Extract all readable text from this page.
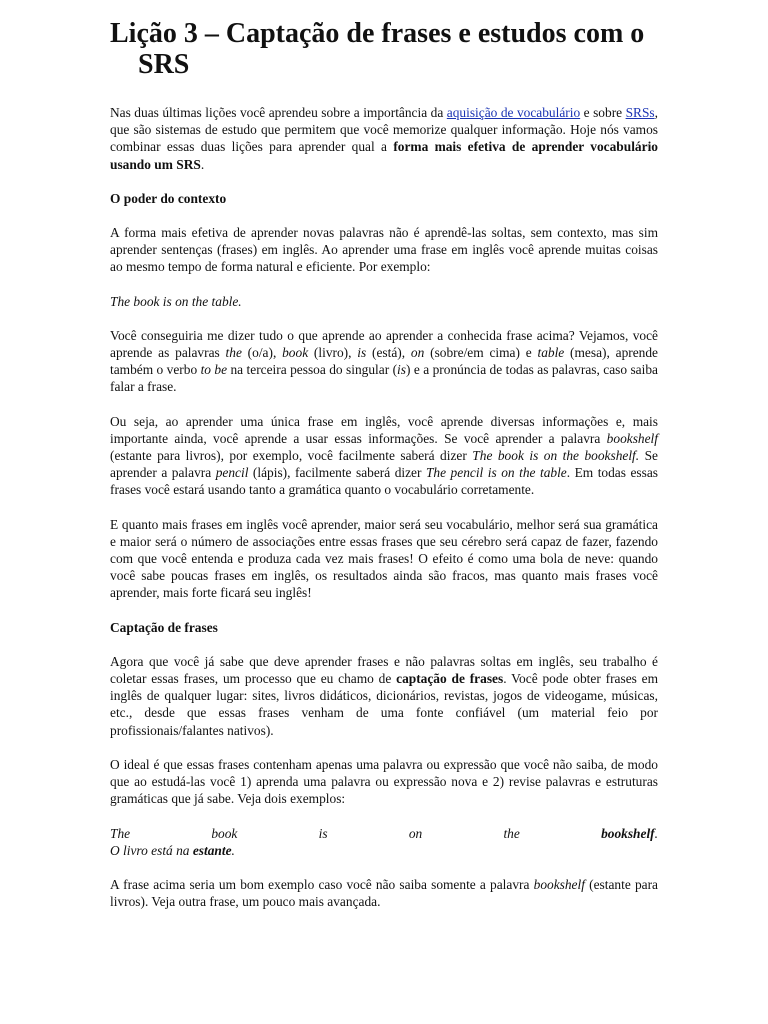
Lição 3 – Captação de frases e estudos com o SRS

Nas duas últimas lições você aprendeu sobre a importância da aquisição de vocabulário e sobre SRSs, que são sistemas de estudo que permitem que você memorize qualquer informação. Hoje nós vamos combinar essas duas lições para aprender qual a forma mais efetiva de aprender vocabulário usando um SRS.

O poder do contexto

A forma mais efetiva de aprender novas palavras não é aprendê-las soltas, sem contexto, mas sim aprender sentenças (frases) em inglês. Ao aprender uma frase em inglês você aprende muitas coisas ao mesmo tempo de forma natural e eficiente. Por exemplo:

The book is on the table.

Você conseguiria me dizer tudo o que aprende ao aprender a conhecida frase acima? Vejamos, você aprende as palavras the (o/a), book (livro), is (está), on (sobre/em cima) e table (mesa), aprende também o verbo to be na terceira pessoa do singular (is) e a pronúncia de todas as palavras, caso saiba falar a frase.

Ou seja, ao aprender uma única frase em inglês, você aprende diversas informações e, mais importante ainda, você aprende a usar essas informações. Se você aprender a palavra bookshelf (estante para livros), por exemplo, você facilmente saberá dizer The book is on the bookshelf. Se aprender a palavra pencil (lápis), facilmente saberá dizer The pencil is on the table. Em todas essas frases você estará usando tanto a gramática quanto o vocabulário corretamente.

E quanto mais frases em inglês você aprender, maior será seu vocabulário, melhor será sua gramática e maior será o número de associações entre essas frases que seu cérebro será capaz de fazer, fazendo com que você entenda e produza cada vez mais frases! O efeito é como uma bola de neve: quando você sabe poucas frases em inglês, os resultados ainda são fracos, mas quanto mais frases você aprender, mais forte ficará seu inglês!

Captação de frases

Agora que você já sabe que deve aprender frases e não palavras soltas em inglês, seu trabalho é coletar essas frases, um processo que eu chamo de captação de frases. Você pode obter frases em inglês de qualquer lugar: sites, livros didáticos, dicionários, revistas, jogos de videogame, músicas, etc., desde que essas frases venham de uma fonte confiável (um material feio por profissionais/falantes nativos).

O ideal é que essas frases contenham apenas uma palavra ou expressão que você não saiba, de modo que ao estudá-las você 1) aprenda uma palavra ou expressão nova e 2) revise palavras e estruturas gramáticas que já sabe. Veja dois exemplos:

The	book	is	on	the	bookshelf.
O livro está na estante.

A frase acima seria um bom exemplo caso você não saiba somente a palavra bookshelf (estante para livros). Veja outra frase, um pouco mais avançada.
